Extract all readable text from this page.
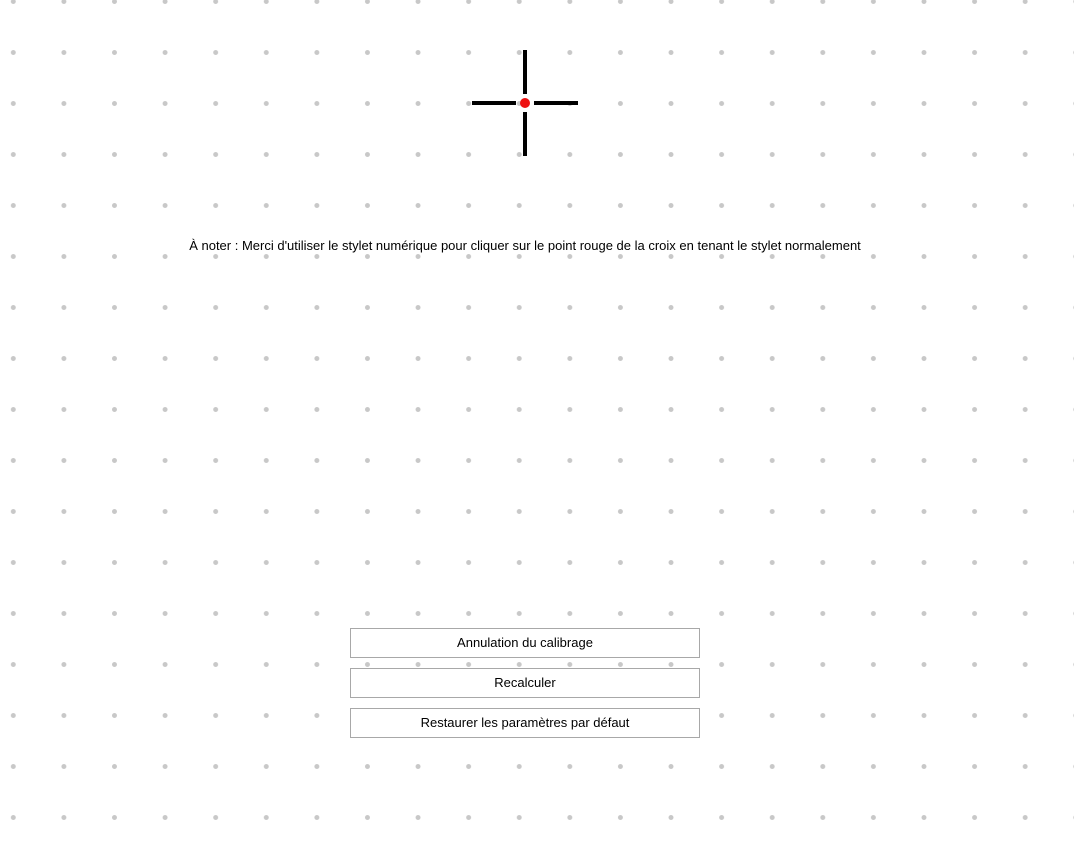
À noter : Merci d'utiliser le stylet numérique pour cliquer sur le point rouge de la croix en tenant le stylet normalement
Annulation du calibrage
Recalculer
Restaurer les paramètres par défaut
